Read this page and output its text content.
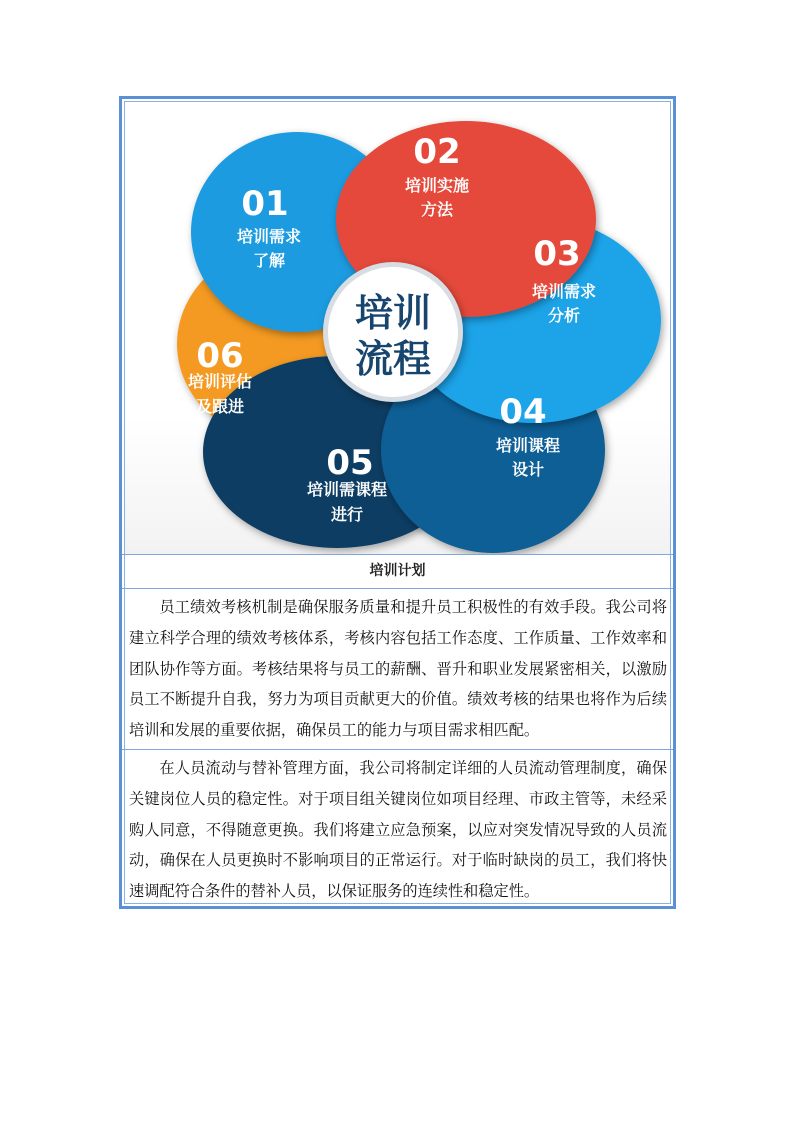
培训
流程
01
培训需求
了解
02
培训实施
方法
03
培训需求
分析
04
培训课程
设计
05
培训需课程
进行
06
培训评估
及跟进
培训计划

员工绩效考核机制是确保服务质量和提升员工积极性的有效手段。我公司将建立科学合理的绩效考核体系，考核内容包括工作态度、工作质量、工作效率和团队协作等方面。考核结果将与员工的薪酬、晋升和职业发展紧密相关，以激励员工不断提升自我，努力为项目贡献更大的价值。绩效考核的结果也将作为后续培训和发展的重要依据，确保员工的能力与项目需求相匹配。

在人员流动与替补管理方面，我公司将制定详细的人员流动管理制度，确保关键岗位人员的稳定性。对于项目组关键岗位如项目经理、市政主管等，未经采购人同意，不得随意更换。我们将建立应急预案，以应对突发情况导致的人员流动，确保在人员更换时不影响项目的正常运行。对于临时缺岗的员工，我们将快速调配符合条件的替补人员，以保证服务的连续性和稳定性。
